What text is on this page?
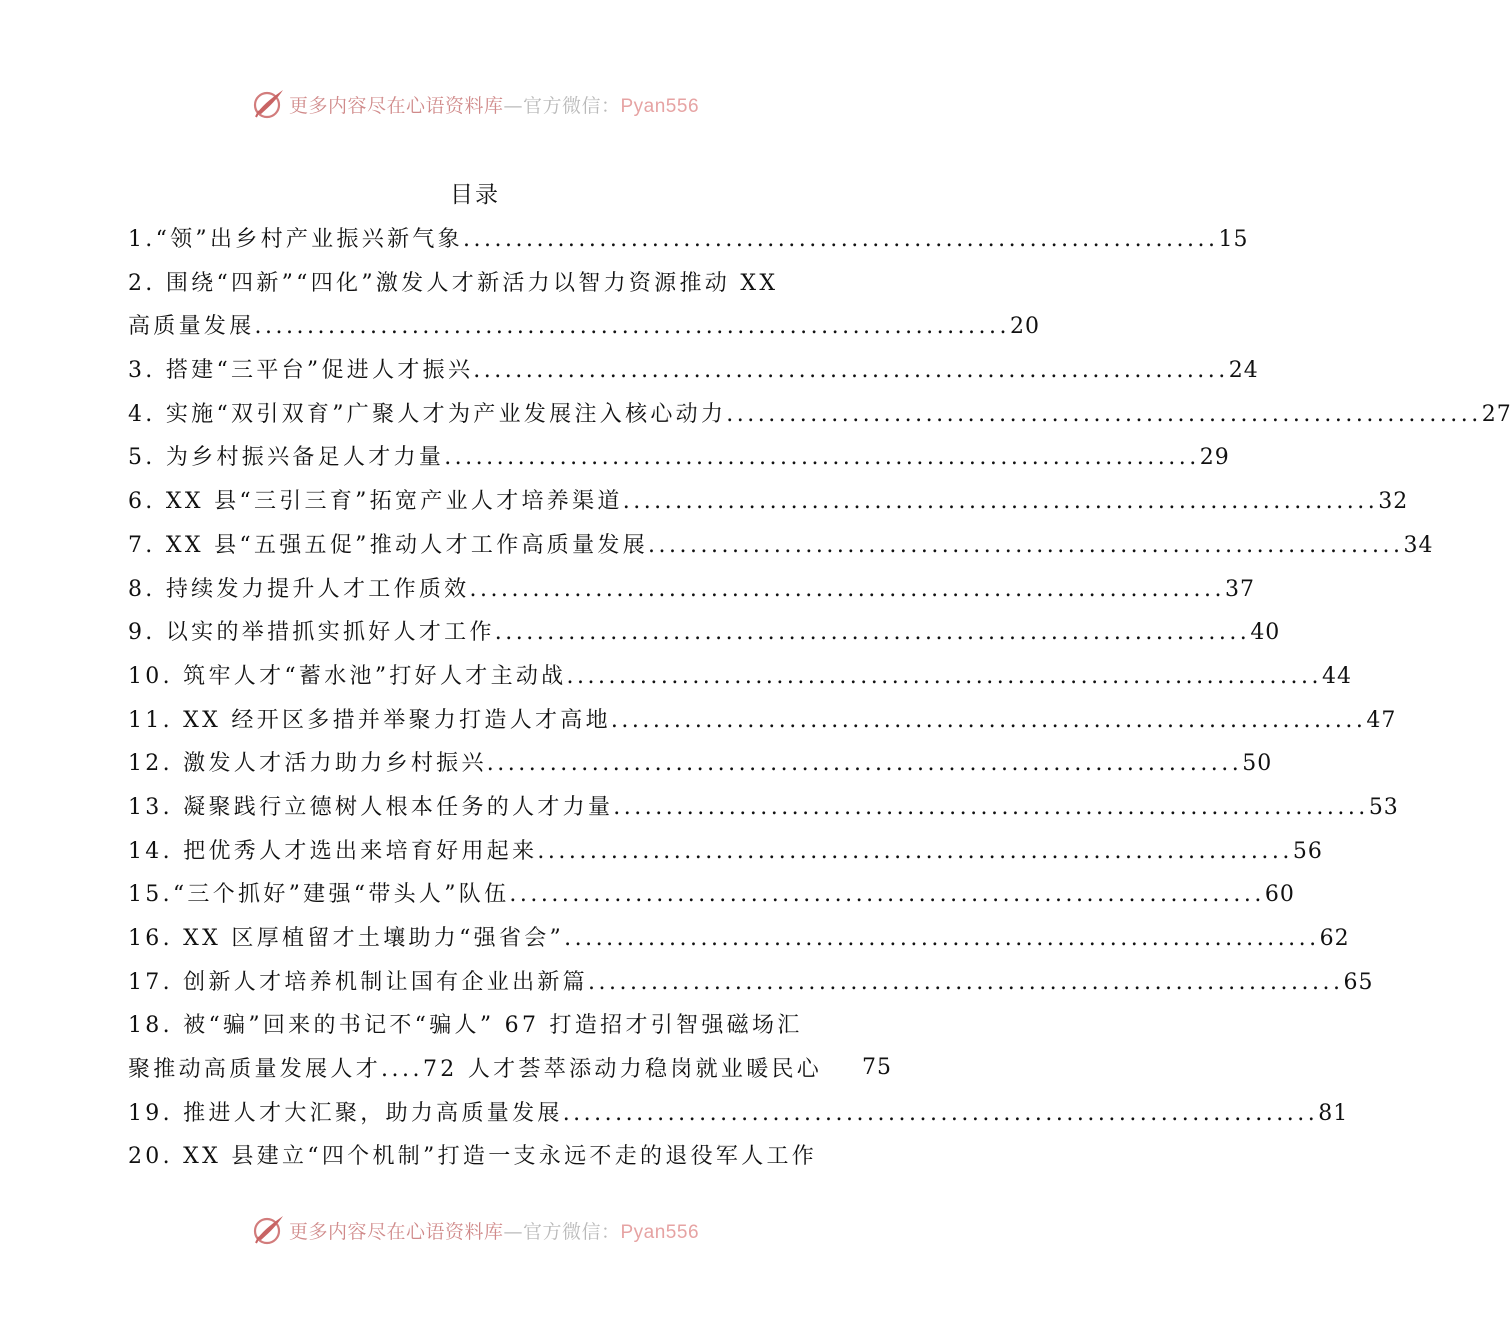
更多内容尽在心语资料库—官方微信：Pyan556
目录
1.“领”出乡村产业振兴新气象 ........................................................................ 15
2. 围绕“四新”“四化”激发人才新活力以智力资源推动 XX
高质量发展 ........................................................................ 20
3. 搭建“三平台”促进人才振兴 ........................................................................ 24
4. 实施“双引双育”广聚人才为产业发展注入核心动力 ........................................................................ 27
5. 为乡村振兴备足人才力量 ........................................................................ 29
6. XX 县“三引三育”拓宽产业人才培养渠道 ........................................................................ 32
7. XX 县“五强五促”推动人才工作高质量发展 ........................................................................ 34
8. 持续发力提升人才工作质效 ........................................................................ 37
9. 以实的举措抓实抓好人才工作 ........................................................................ 40
10. 筑牢人才“蓄水池”打好人才主动战 ........................................................................ 44
11. XX 经开区多措并举聚力打造人才高地 ........................................................................ 47
12. 激发人才活力助力乡村振兴 ........................................................................ 50
13. 凝聚践行立德树人根本任务的人才力量 ........................................................................ 53
14. 把优秀人才选出来培育好用起来 ........................................................................ 56
15.“三个抓好”建强“带头人”队伍 ........................................................................ 60
16. XX 区厚植留才土壤助力“强省会” ........................................................................ 62
17. 创新人才培养机制让国有企业出新篇 ........................................................................ 65
18. 被“骗”回来的书记不“骗人” 67 打造招才引智强磁场汇
聚推动高质量发展人才 .... 72 人才荟萃添动力稳岗就业暖民心
19. 推进人才大汇聚，助力高质量发展 ........................................................................ 81
20. XX 县建立“四个机制”打造一支永远不走的退役军人工作
75
更多内容尽在心语资料库—官方微信：Pyan556
